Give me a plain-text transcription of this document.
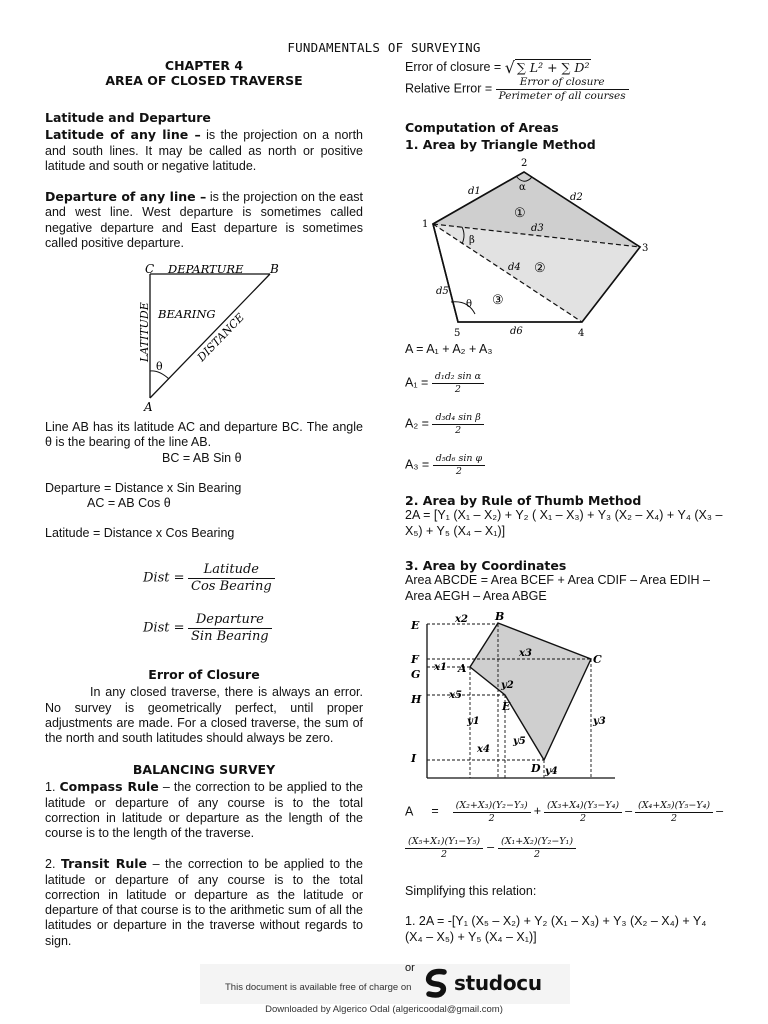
FUNDAMENTALS OF SURVEYING
CHAPTER 4
AREA OF CLOSED TRAVERSE
Latitude and Departure

Latitude of any line – is the projection on a north and south lines. It may be called as north or positive latitude and south or negative latitude.

Departure of any line – is the projection on the east and west line. West departure is sometimes called negative departure and East departure is sometimes called positive departure.

C	B
A
DEPARTURE
BEARING
LATITUDE	DISTANCE
θ

Line AB has its latitude AC and departure BC. The angle θ is the bearing of the line AB.

BC = AB Sin θ

Departure = Distance x Sin Bearing

AC = AB Cos θ

Latitude = Distance x Cos Bearing

Dist = $\frac{\text{Latitude}}{\text{Cos Bearing}}$
Dist = $\frac{\text{Departure}}{\text{Sin Bearing}}$
Error of Closure

In any closed traverse, there is always an error. No survey is geometrically perfect, until proper adjustments are made. For a closed traverse, the sum of the north and south latitudes should always be zero.

BALANCING SURVEY

1. Compass Rule – the correction to be applied to the latitude or departure of any course is to the total correction in latitude or departure as the length of the course is to the length of the traverse.

2. Transit Rule – the correction to be applied to the latitude or departure of any course is to the total correction in latitude or departure as the latitude or departure of that course is to the arithmetic sum of all the latitudes or departure in the traverse without regards to sign.

Error of closure = √ ∑ L² + ∑ D²
Relative Error = $\frac{\text{Error of closure}}{\text{Perimeter of all courses}}$
Computation of Areas
1. Area by Triangle Method
2
1
3
4
5
d1
d2
d3
d4
d5
d6
α
β
θ
①
②
③
A = A₁ + A₂ + A₃
$A_1 = \frac{\text{d₁d₂ sin α}}{2}$
$A_2 = \frac{\text{d₃d₄ sin β}}{2}$
$A_3 = \frac{\text{d₅d₆ sin φ}}{2}$
2. Area by Rule of Thumb Method

2A = [Y₁ (X₁ – X₂) + Y₂ ( X₁ – X₃) + Y₃ (X₂ – X₄) + Y₄ (X₃ – X₅) + Y₅ (X₄ – X₁)]

3. Area by Coordinates

Area ABCDE = Area BCEF + Area CDIF – Area EDIH – Area AEGH – Area ABGE

E
F
G
H
I
B
C
A
E
D
x2
x3
x1
x5
x4
y1
y2
y3
y4
y5
$A = \frac{\text{(X₂+X₃)(Y₂−Y₃)}}{2} + \frac{\text{(X₃+X₄)(Y₃−Y₄)}}{2} - \frac{\text{(X₄+X₅)(Y₅−Y₄)}}{2}$ –
$\frac{\text{(X₅+X₁)(Y₁−Y₅)}}{2} - \frac{\text{(X₁+X₂)(Y₂−Y₁)}}{2}$

Simplifying this relation:

1. 2A = -[Y₁ (X₅ – X₂) + Y₂ (X₁ – X₃) + Y₃ (X₂ – X₄) + Y₄ (X₄ – X₅) + Y₅ (X₄ – X₁)]

or
This document is available free of charge on studocu
Downloaded by Algerico Odal (algericoodal@gmail.com)
